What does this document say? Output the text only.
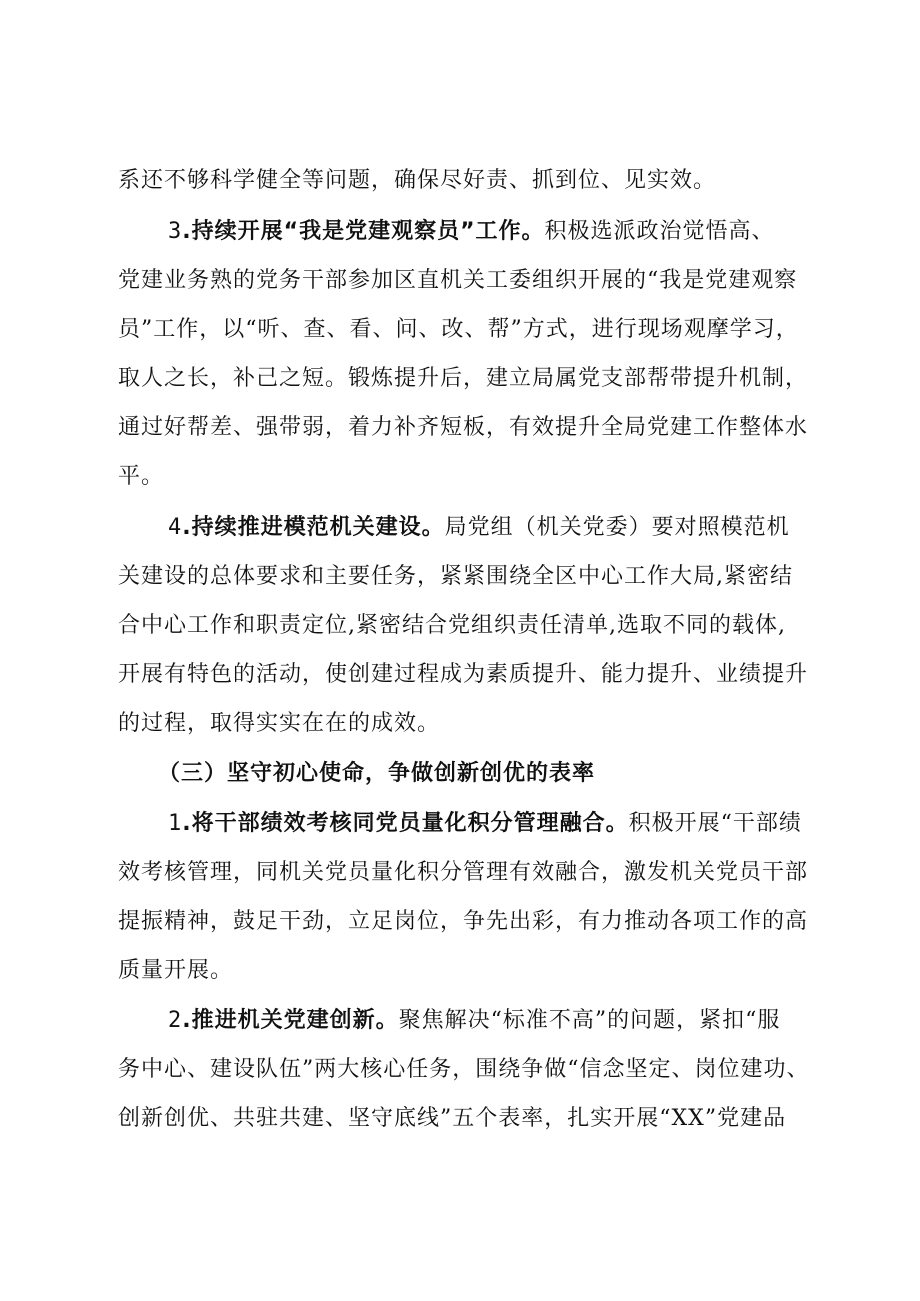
系还不够科学健全等问题，确保尽好责、抓到位、见实效。
3.持续开展“我是党建观察员”工作。积极选派政治觉悟高、
党建业务熟的党务干部参加区直机关工委组织开展的“我是党建观察
员”工作，以“听、查、看、问、改、帮”方式，进行现场观摩学习，
取人之长，补己之短。锻炼提升后，建立局属党支部帮带提升机制，
通过好帮差、强带弱，着力补齐短板，有效提升全局党建工作整体水
平。
4.持续推进模范机关建设。局党组（机关党委）要对照模范机
关建设的总体要求和主要任务，紧紧围绕全区中心工作大局,紧密结
合中心工作和职责定位,紧密结合党组织责任清单,选取不同的载体,
开展有特色的活动，使创建过程成为素质提升、能力提升、业绩提升
的过程，取得实实在在的成效。
（三）坚守初心使命，争做创新创优的表率
1.将干部绩效考核同党员量化积分管理融合。积极开展“干部绩
效考核管理，同机关党员量化积分管理有效融合，激发机关党员干部
提振精神，鼓足干劲，立足岗位，争先出彩，有力推动各项工作的高
质量开展。
2.推进机关党建创新。聚焦解决“标准不高”的问题，紧扣“服
务中心、建设队伍”两大核心任务，围绕争做“信念坚定、岗位建功、
创新创优、共驻共建、坚守底线”五个表率，扎实开展“XX”党建品
